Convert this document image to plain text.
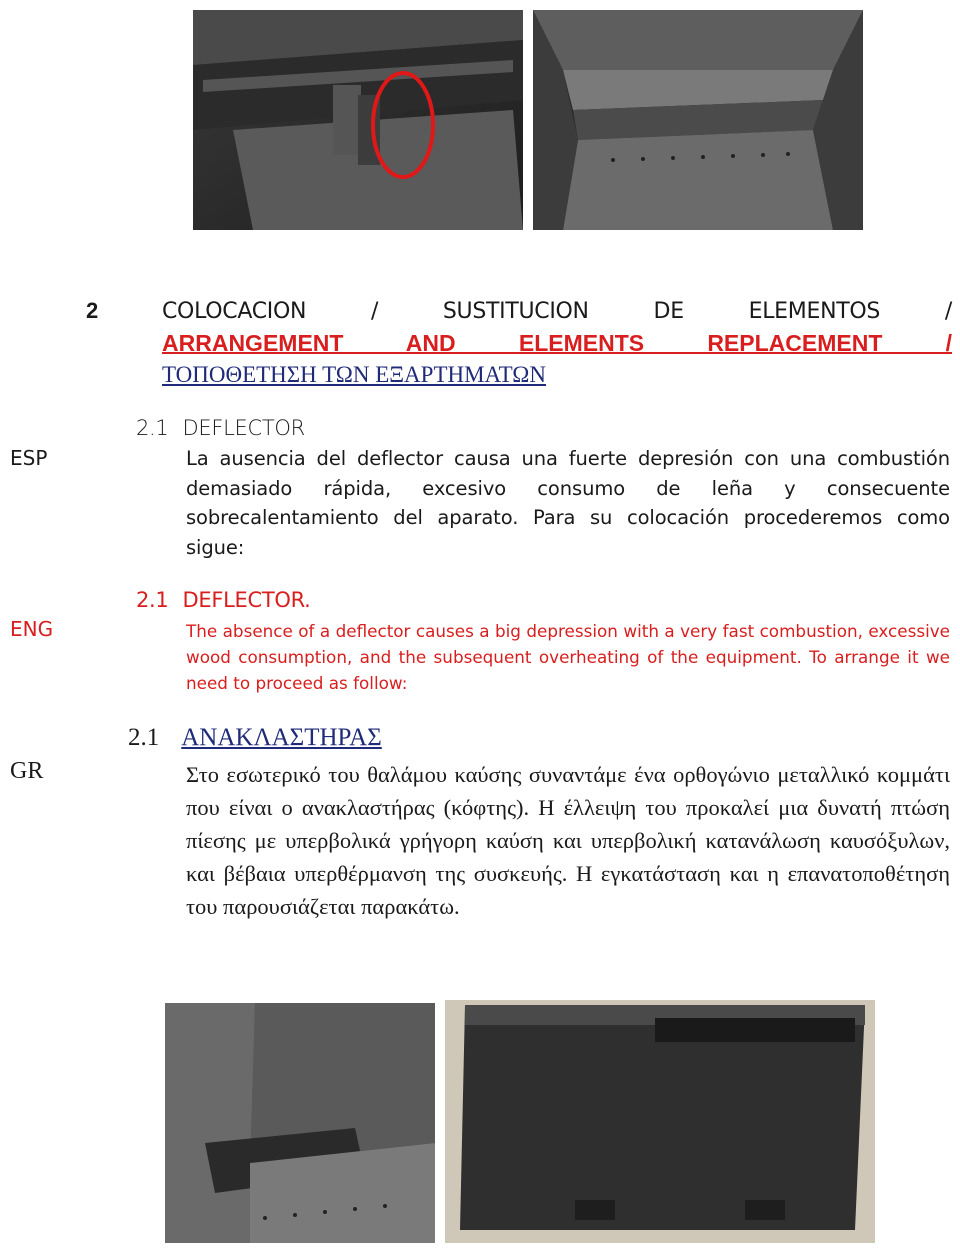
2	COLOCACION / SUSTITUCION DE ELEMENTOS /
ARRANGEMENT AND ELEMENTS REPLACEMENT /
ΤΟΠΟΘΕΤΗΣΗ ΤΩΝ ΕΞΑΡΤΗΜΑΤΩΝ
2.1 DEFLECTOR
ESP	La ausencia del deflector causa una fuerte depresión con una combustión demasiado rápida, excesivo consumo de leña y consecuente sobrecalentamiento del aparato. Para su colocación procederemos como sigue:
2.1 DEFLECTOR.
ENG	The absence of a deflector causes a big depression with a very fast combustion, excessive wood consumption, and the subsequent overheating of the equipment. To arrange it we need to proceed as follow:
2.1 ΑΝΑΚΛΑΣΤΗΡΑΣ
GR	Στο εσωτερικό του θαλάμου καύσης συναντάμε ένα ορθογώνιο μεταλλικό κομμάτι που είναι ο ανακλαστήρας (κόφτης). Η έλλειψη του προκαλεί μια δυνατή πτώση πίεσης με υπερβολικά γρήγορη καύση και υπερβολική κατανάλωση καυσόξυλων, και βέβαια υπερθέρμανση της συσκευής. Η εγκατάσταση και η επανατοποθέτηση του παρουσιάζεται παρακάτω.
